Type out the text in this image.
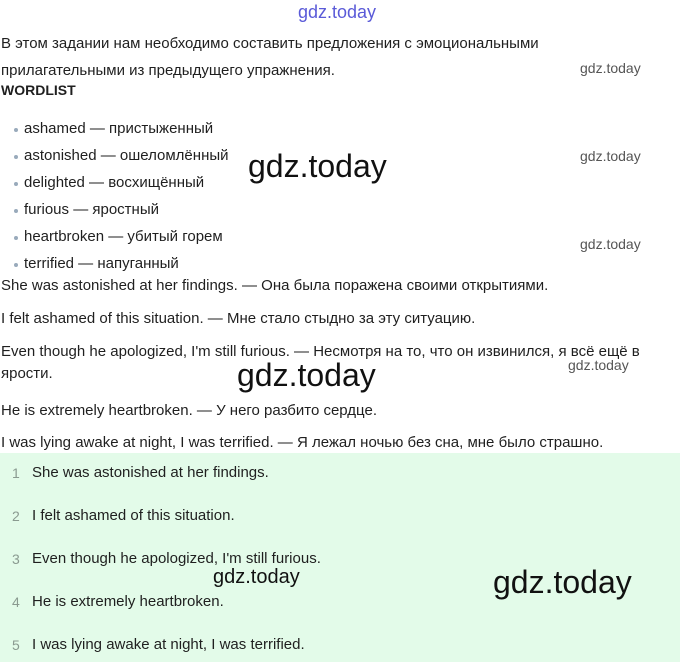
gdz.today
gdz.today
gdz.today
gdz.today
gdz.today
В этом задании нам необходимо составить предложения с эмоциональными прилагательными из предыдущего упражнения.
WORDLIST
ashamed — пристыженный
astonished — ошеломлённый
delighted — восхищённый
furious — яростный
heartbroken — убитый горем
terrified — напуганный
She was astonished at her findings. — Она была поражена своими открытиями.
I felt ashamed of this situation. — Мне стало стыдно за эту ситуацию.
Even though he apologized, I'm still furious. — Несмотря на то, что он извинился, я всё ещё в ярости.
He is extremely heartbroken. — У него разбито сердце.
I was lying awake at night, I was terrified. — Я лежал ночью без сна, мне было страшно.
gdz.today
gdz.today
1 She was astonished at her findings.
2 I felt ashamed of this situation.
3 Even though he apologized, I'm still furious.
4 He is extremely heartbroken.
5 I was lying awake at night, I was terrified.
gdz.today	gdz.today
